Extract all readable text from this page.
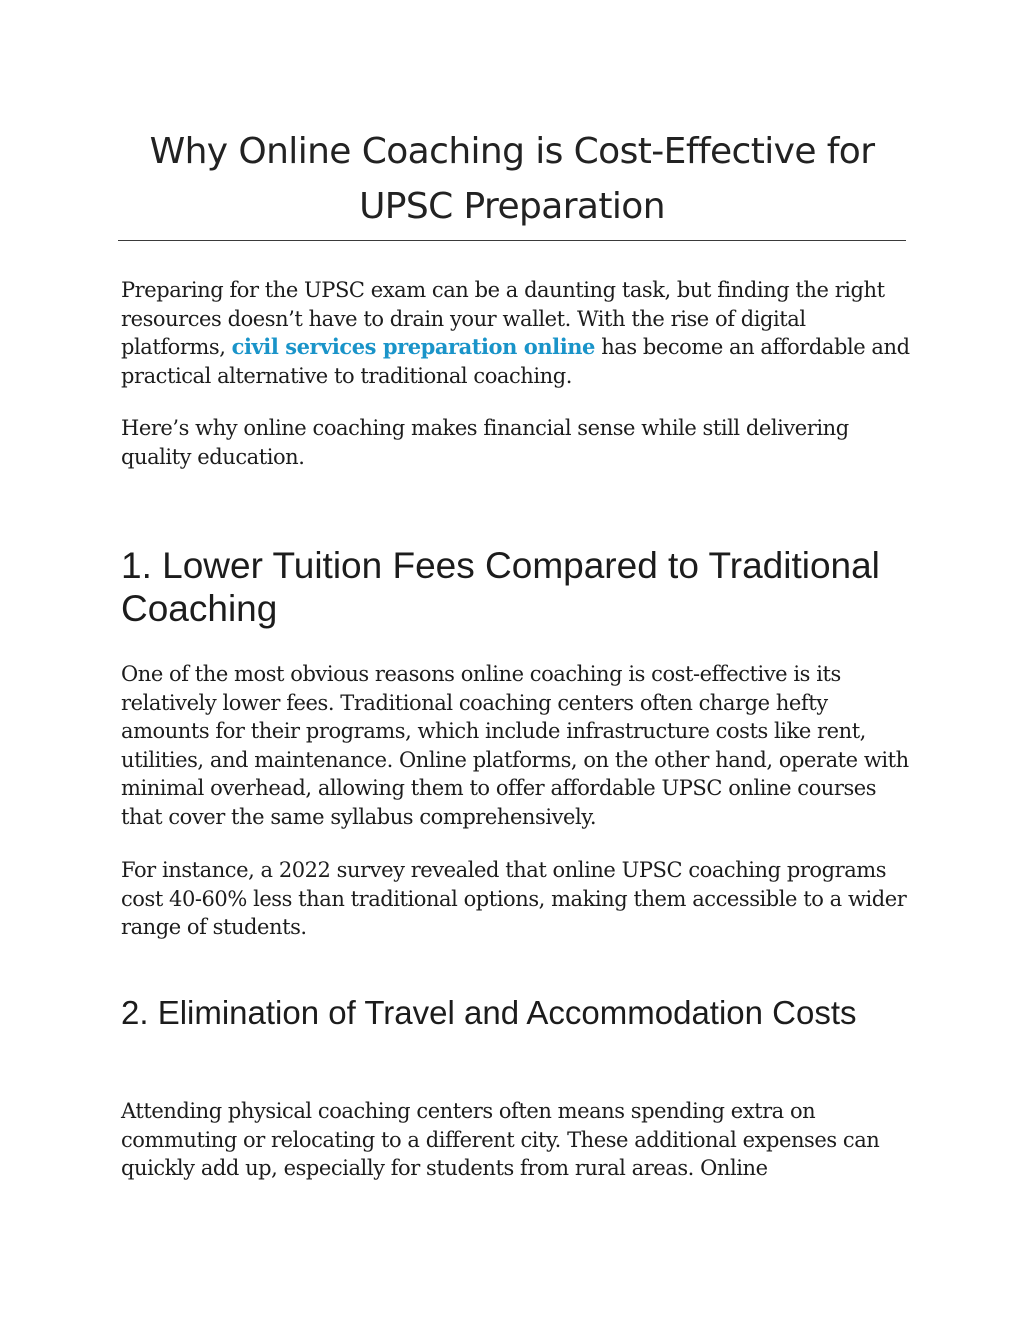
Why Online Coaching is Cost-Effective for
UPSC Preparation

Preparing for the UPSC exam can be a daunting task, but finding the right resources doesn’t have to drain your wallet. With the rise of digital platforms, civil services preparation online has become an affordable and practical alternative to traditional coaching.

Here’s why online coaching makes financial sense while still delivering quality education.

1. Lower Tuition Fees Compared to Traditional Coaching

One of the most obvious reasons online coaching is cost-effective is its relatively lower fees. Traditional coaching centers often charge hefty amounts for their programs, which include infrastructure costs like rent, utilities, and maintenance. Online platforms, on the other hand, operate with minimal overhead, allowing them to offer affordable UPSC online courses that cover the same syllabus comprehensively.

For instance, a 2022 survey revealed that online UPSC coaching programs cost 40-60% less than traditional options, making them accessible to a wider range of students.

2. Elimination of Travel and Accommodation Costs

Attending physical coaching centers often means spending extra on commuting or relocating to a different city. These additional expenses can quickly add up, especially for students from rural areas. Online
